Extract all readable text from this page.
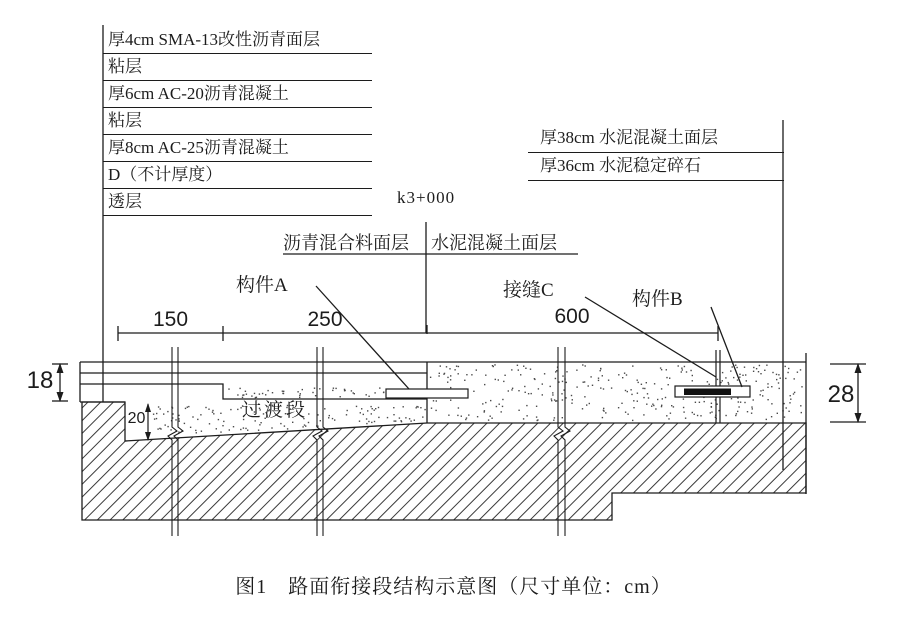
厚4cm SMA-13改性沥青面层
粘层
厚6cm AC-20沥青混凝土
粘层
厚8cm AC-25沥青混凝土
D（不计厚度）
透层
厚38cm 水泥混凝土面层
厚36cm 水泥稳定碎石
k3+000
沥青混合料面层 水泥混凝土面层
构件A	接缝C	构件B
过渡段
150	250	600
18
28
20
图1　路面衔接段结构示意图（尺寸单位：cm）
